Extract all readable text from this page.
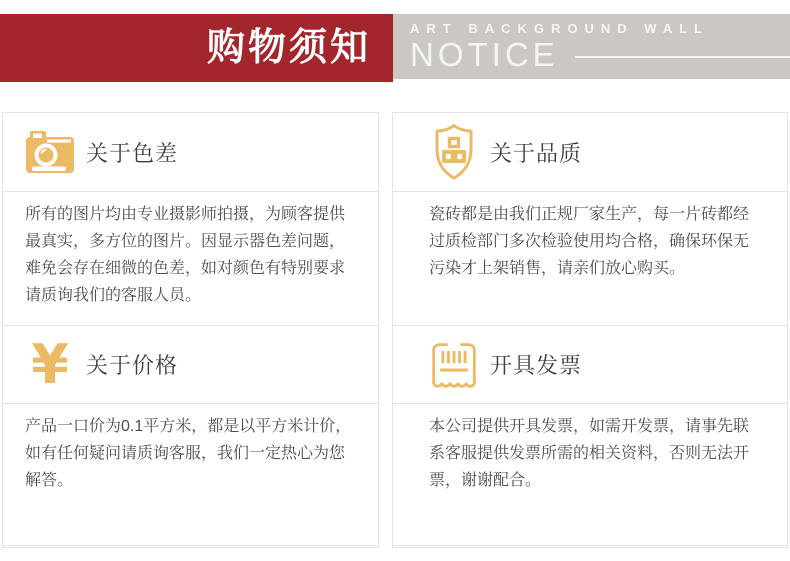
购物须知	ART BACKGROUND WALL
NOTICE
关于色差
所有的图片均由专业摄影师拍摄，为顾客提供最真实，多方位的图片。因显示器色差问题，难免会存在细微的色差，如对颜色有特别要求请质询我们的客服人员。
¥ 关于价格
产品一口价为0.1平方米，都是以平方米计价，如有任何疑问请质询客服，我们一定热心为您解答。
关于品质
瓷砖都是由我们正规厂家生产，每一片砖都经过质检部门多次检验使用均合格，确保环保无污染才上架销售，请亲们放心购买。
开具发票
本公司提供开具发票，如需开发票，请事先联系客服提供发票所需的相关资料，否则无法开票，谢谢配合。
